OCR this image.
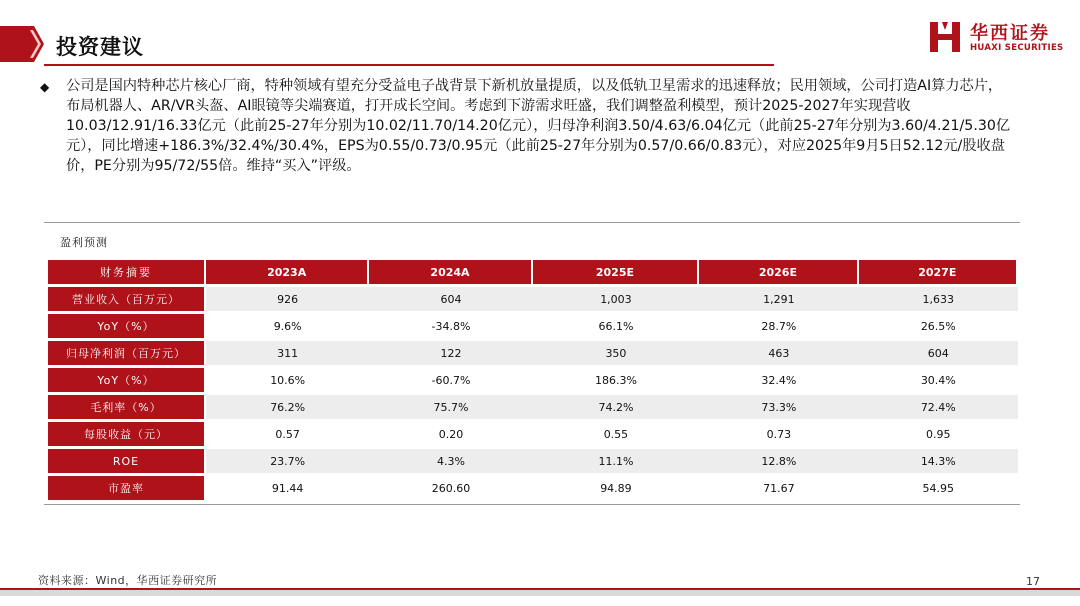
投资建议
华西证券
HUAXI SECURITIES
◆ 公司是国内特种芯片核心厂商，特种领域有望充分受益电子战背景下新机放量提质，以及低轨卫星需求的迅速释放；民用领域，公司打造AI算力芯片，布局机器人、AR/VR头盔、AI眼镜等尖端赛道，打开成长空间。考虑到下游需求旺盛，我们调整盈利模型，预计2025-2027年实现营收10.03/12.91/16.33亿元（此前25-27年分别为10.02/11.70/14.20亿元），归母净利润3.50/4.63/6.04亿元（此前25-27年分别为3.60/4.21/5.30亿元），同比增速+186.3%/32.4%/30.4%，EPS为0.55/0.73/0.95元（此前25-27年分别为0.57/0.66/0.83元），对应2025年9月5日52.12元/股收盘价，PE分别为95/72/55倍。维持“买入”评级。
盈利预测
财务摘要	2023A	2024A	2025E	2026E	2027E
营业收入（百万元）	926	604	1,003	1,291	1,633
YoY（%）	9.6%	-34.8%	66.1%	28.7%	26.5%
归母净利润（百万元）	311	122	350	463	604
YoY（%）	10.6%	-60.7%	186.3%	32.4%	30.4%
毛利率（%）	76.2%	75.7%	74.2%	73.3%	72.4%
每股收益（元）	0.57	0.20	0.55	0.73	0.95
ROE	23.7%	4.3%	11.1%	12.8%	14.3%
市盈率	91.44	260.60	94.89	71.67	54.95
资料来源：Wind，华西证券研究所	17
